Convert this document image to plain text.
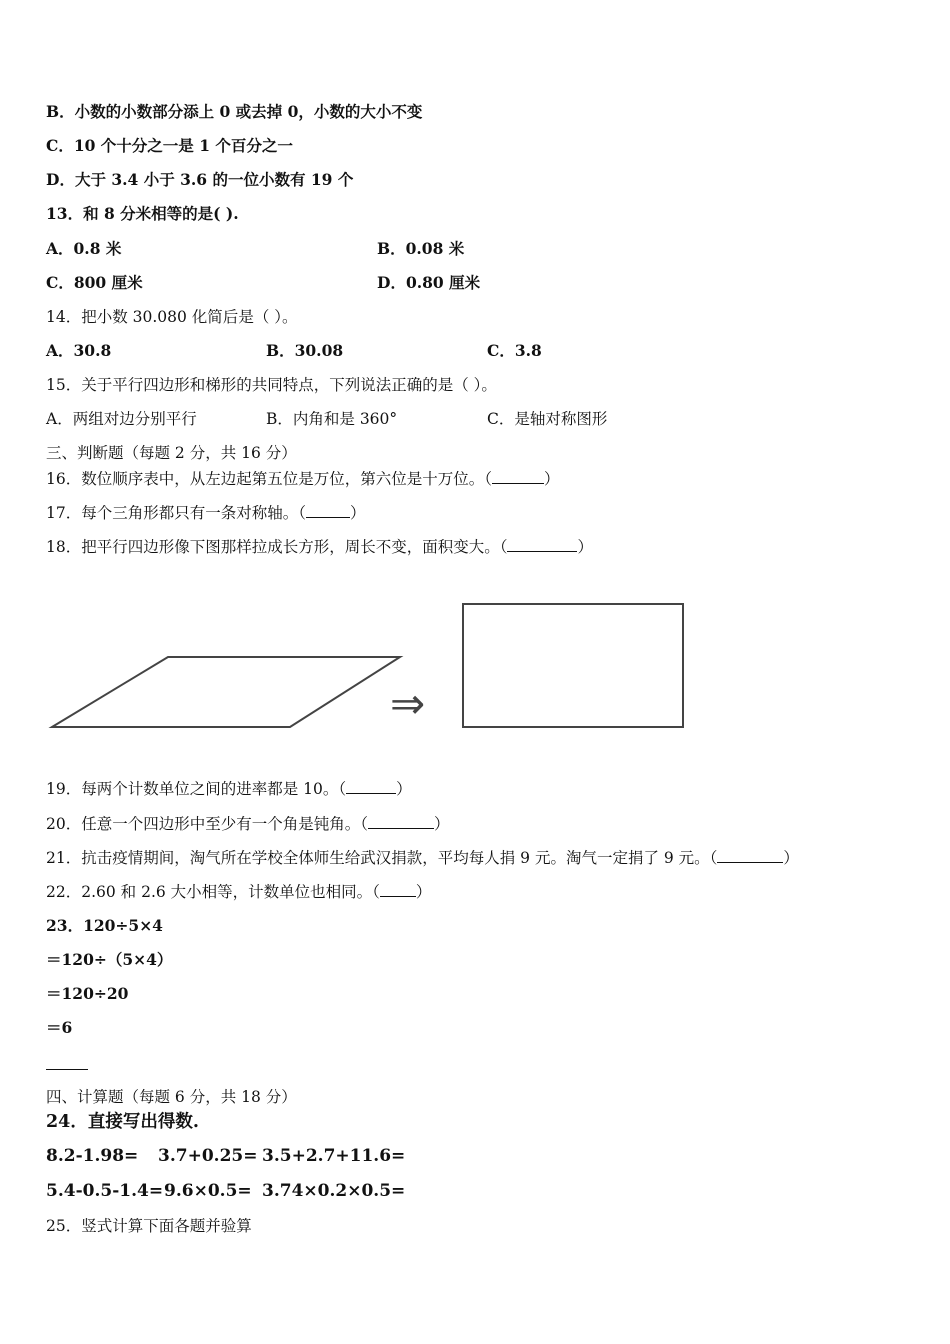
B．小数的小数部分添上 0 或去掉 0，小数的大小不变
C．10 个十分之一是 1 个百分之一
D．大于 3.4 小于 3.6 的一位小数有 19 个
13．和 8 分米相等的是( ).
A．0.8 米	B．0.08 米
C．800 厘米	D．0.80 厘米
14．把小数 30.080 化简后是（ ）。
A．30.8	B．30.08	C．3.8
15．关于平行四边形和梯形的共同特点，下列说法正确的是（ ）。
A．两组对边分别平行	B．内角和是 360°	C．是轴对称图形
三、判断题（每题 2 分，共 16 分）
16．数位顺序表中，从左边起第五位是万位，第六位是十万位。（	）
17．每个三角形都只有一条对称轴。（	）
18．把平行四边形像下图那样拉成长方形，周长不变，面积变大。（	）
⇒
19．每两个计数单位之间的进率都是 10。（	）
20．任意一个四边形中至少有一个角是钝角。（	）
21．抗击疫情期间，淘气所在学校全体师生给武汉捐款，平均每人捐 9 元。淘气一定捐了 9 元。（	）
22．2.60 和 2.6 大小相等，计数单位也相同。（ ）
23．120÷5×4
＝120÷（5×4）
＝120÷20
＝6
四、计算题（每题 6 分，共 18 分）
24．直接写出得数.
8.2-1.98= 3.7+0.25= 3.5+2.7+11.6=
5.4-0.5-1.4= 9.6×0.5= 3.74×0.2×0.5=
25．竖式计算下面各题并验算
